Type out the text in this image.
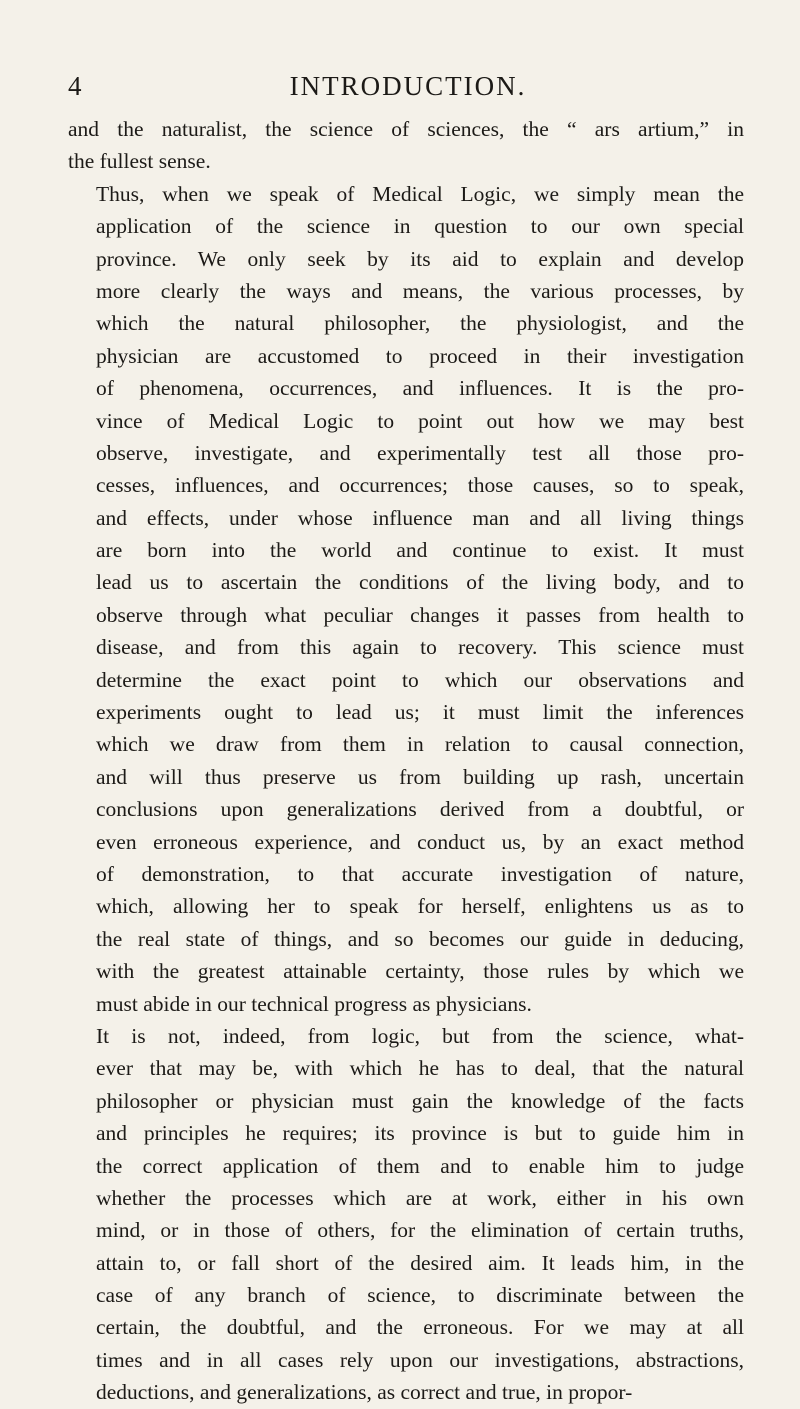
4	INTRODUCTION.

and the naturalist, the science of sciences, the “ ars artium,” in
the fullest sense.

Thus, when we speak of Medical Logic, we simply mean the
application of the science in question to our own special
province. We only seek by its aid to explain and develop
more clearly the ways and means, the various processes, by
which the natural philosopher, the physiologist, and the
physician are accustomed to proceed in their investigation
of phenomena, occurrences, and influences. It is the pro-
vince of Medical Logic to point out how we may best
observe, investigate, and experimentally test all those pro-
cesses, influences, and occurrences; those causes, so to speak,
and effects, under whose influence man and all living things
are born into the world and continue to exist. It must
lead us to ascertain the conditions of the living body, and to
observe through what peculiar changes it passes from health to
disease, and from this again to recovery. This science must
determine the exact point to which our observations and
experiments ought to lead us; it must limit the inferences
which we draw from them in relation to causal connection,
and will thus preserve us from building up rash, uncertain
conclusions upon generalizations derived from a doubtful, or
even erroneous experience, and conduct us, by an exact method
of demonstration, to that accurate investigation of nature,
which, allowing her to speak for herself, enlightens us as to
the real state of things, and so becomes our guide in deducing,
with the greatest attainable certainty, those rules by which we
must abide in our technical progress as physicians.

It is not, indeed, from logic, but from the science, what-
ever that may be, with which he has to deal, that the natural
philosopher or physician must gain the knowledge of the facts
and principles he requires; its province is but to guide him in
the correct application of them and to enable him to judge
whether the processes which are at work, either in his own
mind, or in those of others, for the elimination of certain truths,
attain to, or fall short of the desired aim. It leads him, in the
case of any branch of science, to discriminate between the
certain, the doubtful, and the erroneous. For we may at all
times and in all cases rely upon our investigations, abstractions,
deductions, and generalizations, as correct and true, in propor-
